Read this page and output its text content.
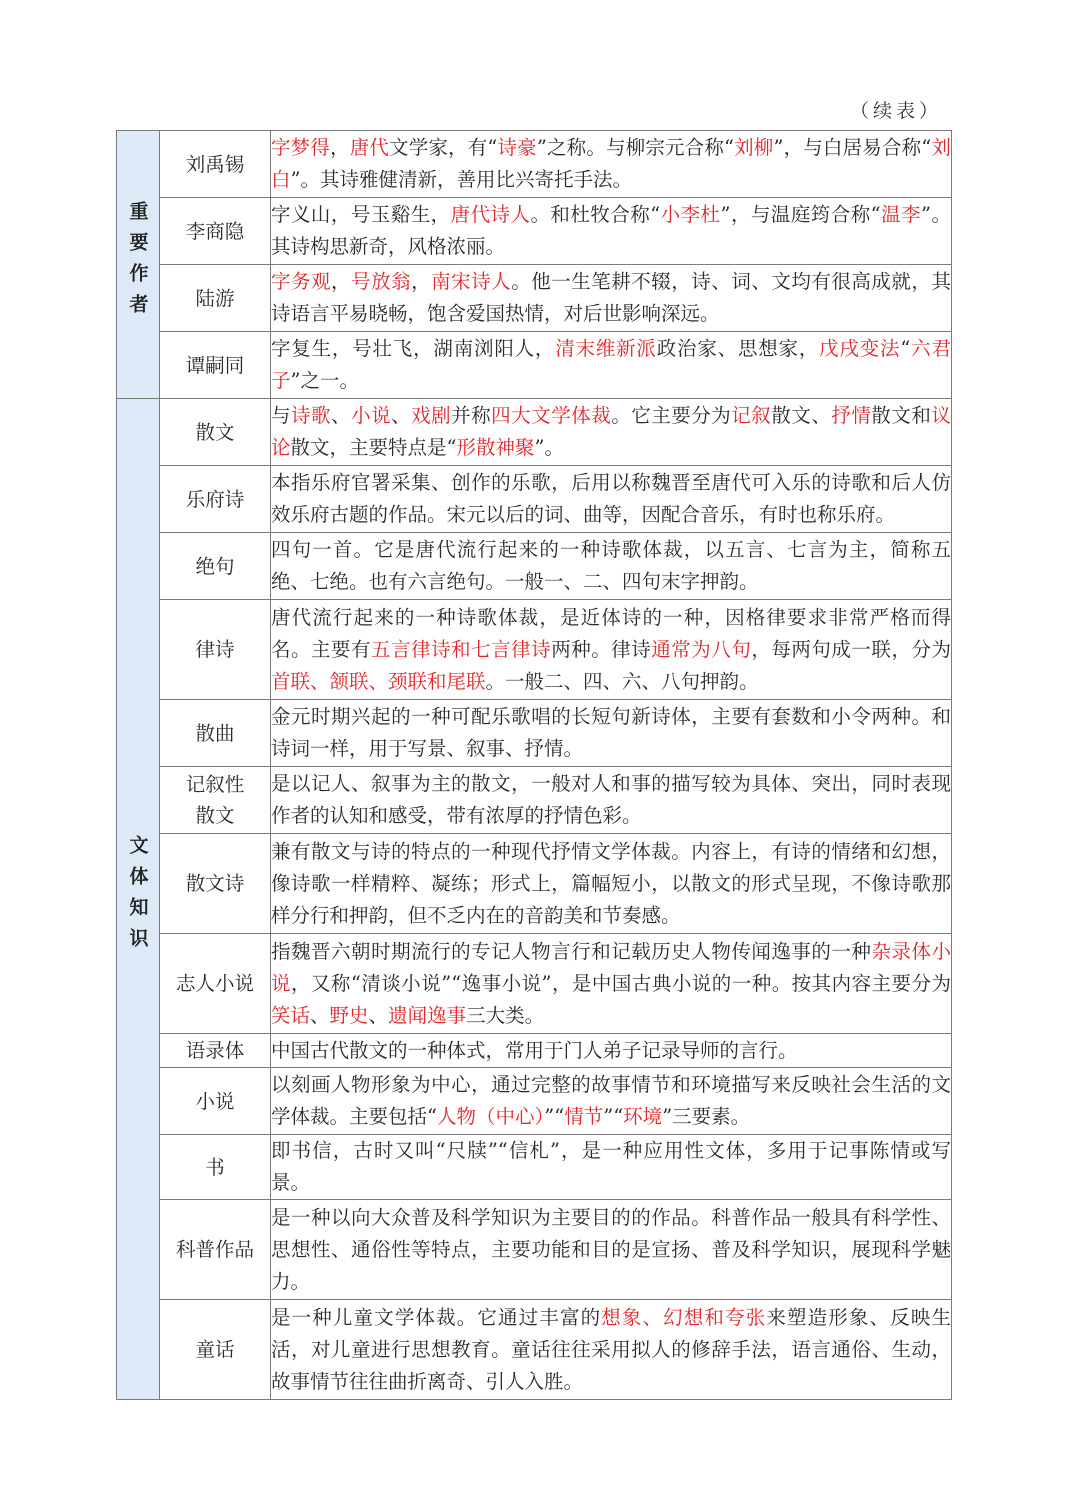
（续表）
重要作者	刘禹锡	字梦得，唐代文学家，有“诗豪”之称。与柳宗元合称“刘柳”，与白居易合称“刘白”。其诗雅健清新，善用比兴寄托手法。
	李商隐	字义山，号玉谿生，唐代诗人。和杜牧合称“小李杜”，与温庭筠合称“温李”。其诗构思新奇，风格浓丽。
	陆游	字务观，号放翁，南宋诗人。他一生笔耕不辍，诗、词、文均有很高成就，其诗语言平易晓畅，饱含爱国热情，对后世影响深远。
	谭嗣同	字复生，号壮飞，湖南浏阳人，清末维新派政治家、思想家，戊戌变法“六君子”之一。
文体知识	散文	与诗歌、小说、戏剧并称四大文学体裁。它主要分为记叙散文、抒情散文和议论散文，主要特点是“形散神聚”。
	乐府诗	本指乐府官署采集、创作的乐歌，后用以称魏晋至唐代可入乐的诗歌和后人仿效乐府古题的作品。宋元以后的词、曲等，因配合音乐，有时也称乐府。
	绝句	四句一首。它是唐代流行起来的一种诗歌体裁，以五言、七言为主，简称五绝、七绝。也有六言绝句。一般一、二、四句末字押韵。
	律诗	唐代流行起来的一种诗歌体裁，是近体诗的一种，因格律要求非常严格而得名。主要有五言律诗和七言律诗两种。律诗通常为八句，每两句成一联，分为首联、颔联、颈联和尾联。一般二、四、六、八句押韵。
	散曲	金元时期兴起的一种可配乐歌唱的长短句新诗体，主要有套数和小令两种。和诗词一样，用于写景、叙事、抒情。
	记叙性散文	是以记人、叙事为主的散文，一般对人和事的描写较为具体、突出，同时表现作者的认知和感受，带有浓厚的抒情色彩。
	散文诗	兼有散文与诗的特点的一种现代抒情文学体裁。内容上，有诗的情绪和幻想，像诗歌一样精粹、凝练；形式上，篇幅短小，以散文的形式呈现，不像诗歌那样分行和押韵，但不乏内在的音韵美和节奏感。
	志人小说	指魏晋六朝时期流行的专记人物言行和记载历史人物传闻逸事的一种杂录体小说，又称“清谈小说”“逸事小说”，是中国古典小说的一种。按其内容主要分为笑话、野史、遗闻逸事三大类。
	语录体	中国古代散文的一种体式，常用于门人弟子记录导师的言行。
	小说	以刻画人物形象为中心，通过完整的故事情节和环境描写来反映社会生活的文学体裁。主要包括“人物（中心）”“情节”“环境”三要素。
	书	即书信，古时又叫“尺牍”“信札”，是一种应用性文体，多用于记事陈情或写景。
	科普作品	是一种以向大众普及科学知识为主要目的的作品。科普作品一般具有科学性、思想性、通俗性等特点，主要功能和目的是宣扬、普及科学知识，展现科学魅力。
	童话	是一种儿童文学体裁。它通过丰富的想象、幻想和夸张来塑造形象、反映生活，对儿童进行思想教育。童话往往采用拟人的修辞手法，语言通俗、生动，故事情节往往曲折离奇、引人入胜。
